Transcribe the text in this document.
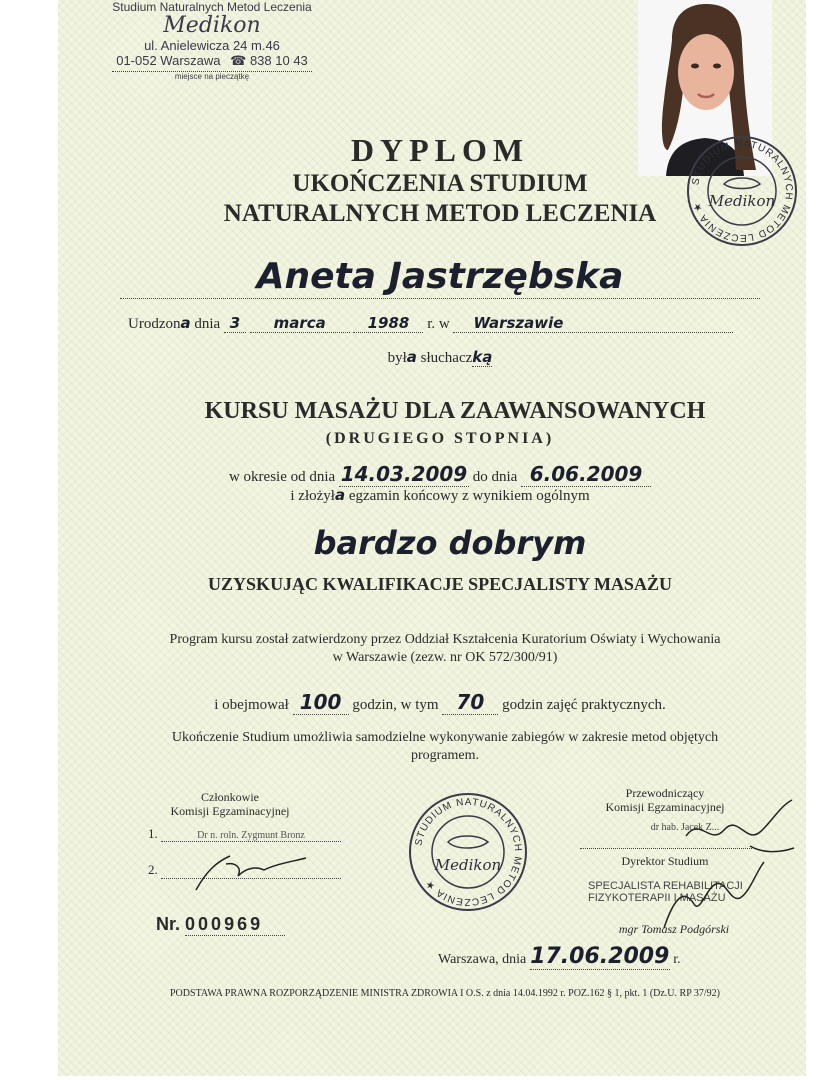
Studium Naturalnych Metod Leczenia
Medikon
ul. Anielewicza 24 m.46
01-052 Warszawa ☎ 838 10 43
miejsce na pieczątkę
Medikon
STUDIUM NATURALNYCH METOD LECZENIA ★
DYPLOM
UKOŃCZENIA STUDIUM
NATURALNYCH METOD LECZENIA
Aneta Jastrzębska
Urodzona dnia 3 marca	1988 r. w Warszawie
była słuchaczką
KURSU MASAŻU DLA ZAAWANSOWANYCH
(DRUGIEGO STOPNIA)
w okresie od dnia 14.03.2009 do dnia 6.06.2009
i złożyła egzamin końcowy z wynikiem ogólnym
bardzo dobrym
UZYSKUJĄC KWALIFIKACJE SPECJALISTY MASAŻU
Program kursu został zatwierdzony przez Oddział Kształcenia Kuratorium Oświaty i Wychowania
w Warszawie (zezw. nr OK 572/300/91)
i obejmował 100 godzin, w tym 70 godzin zajęć praktycznych.
Ukończenie Studium umożliwia samodzielne wykonywanie zabiegów w zakresie metod objętych
programem.
Członkowie
Komisji Egzaminacyjnej
1.	Dr n. roln. Zygmunt Bronz
2.	Medikon
STUDIUM NATURALNYCH METOD LECZENIA ★
Przewodniczący
Komisji Egzaminacyjnej
dr hab. Jacek Z...
Dyrektor Studium
SPECJALISTA REHABILITACJI
FIZYKOTERAPII I MASAŻU
mgr Tomasz Podgórski
Nr. 000969
Warszawa, dnia 17.06.2009 r.
PODSTAWA PRAWNA ROZPORZĄDZENIE MINISTRA ZDROWIA I O.S. z dnia 14.04.1992 r. POZ.162 § 1, pkt. 1 (Dz.U. RP 37/92)
